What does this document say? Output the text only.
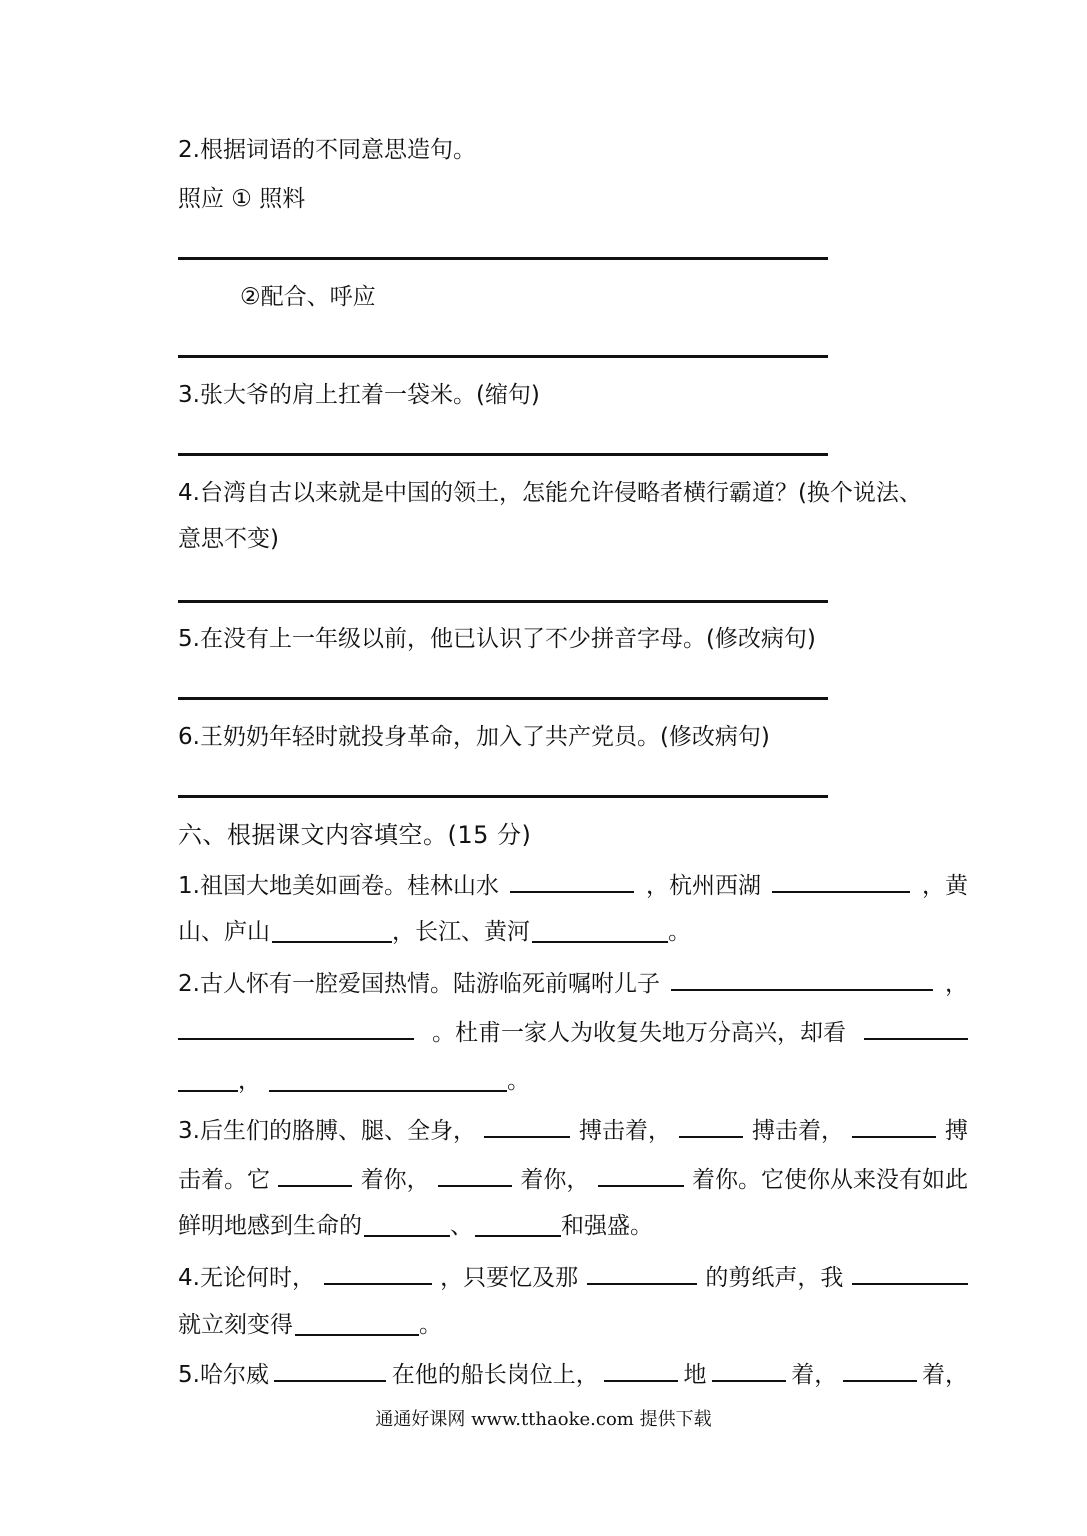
2.根据词语的不同意思造句。
照应 ① 照料
②配合、呼应
3.张大爷的肩上扛着一袋米。(缩句)
4.台湾自古以来就是中国的领土，怎能允许侵略者横行霸道？(换个说法、
意思不变)
5.在没有上一年级以前，他已认识了不少拼音字母。(修改病句)
6.王奶奶年轻时就投身革命，加入了共产党员。(修改病句)
六、根据课文内容填空。(15 分)
1.祖国大地美如画卷。桂林山水	，杭州西湖	，黄
山、庐山	，长江、黄河	。
2.古人怀有一腔爱国热情。陆游临死前嘱咐儿子	，
。杜甫一家人为收复失地万分高兴，却看
，	。
3.后生们的胳膊、腿、全身，	搏击着，	搏击着，	搏
击着。它	着你，	着你，	着你。它使你从来没有如此
鲜明地感到生命的	、	和强盛。
4.无论何时，	，只要忆及那	的剪纸声，我
就立刻变得	。
5.哈尔威	在他的船长岗位上，	地	着，	着，
通通好课网 www.tthaoke.com 提供下载
